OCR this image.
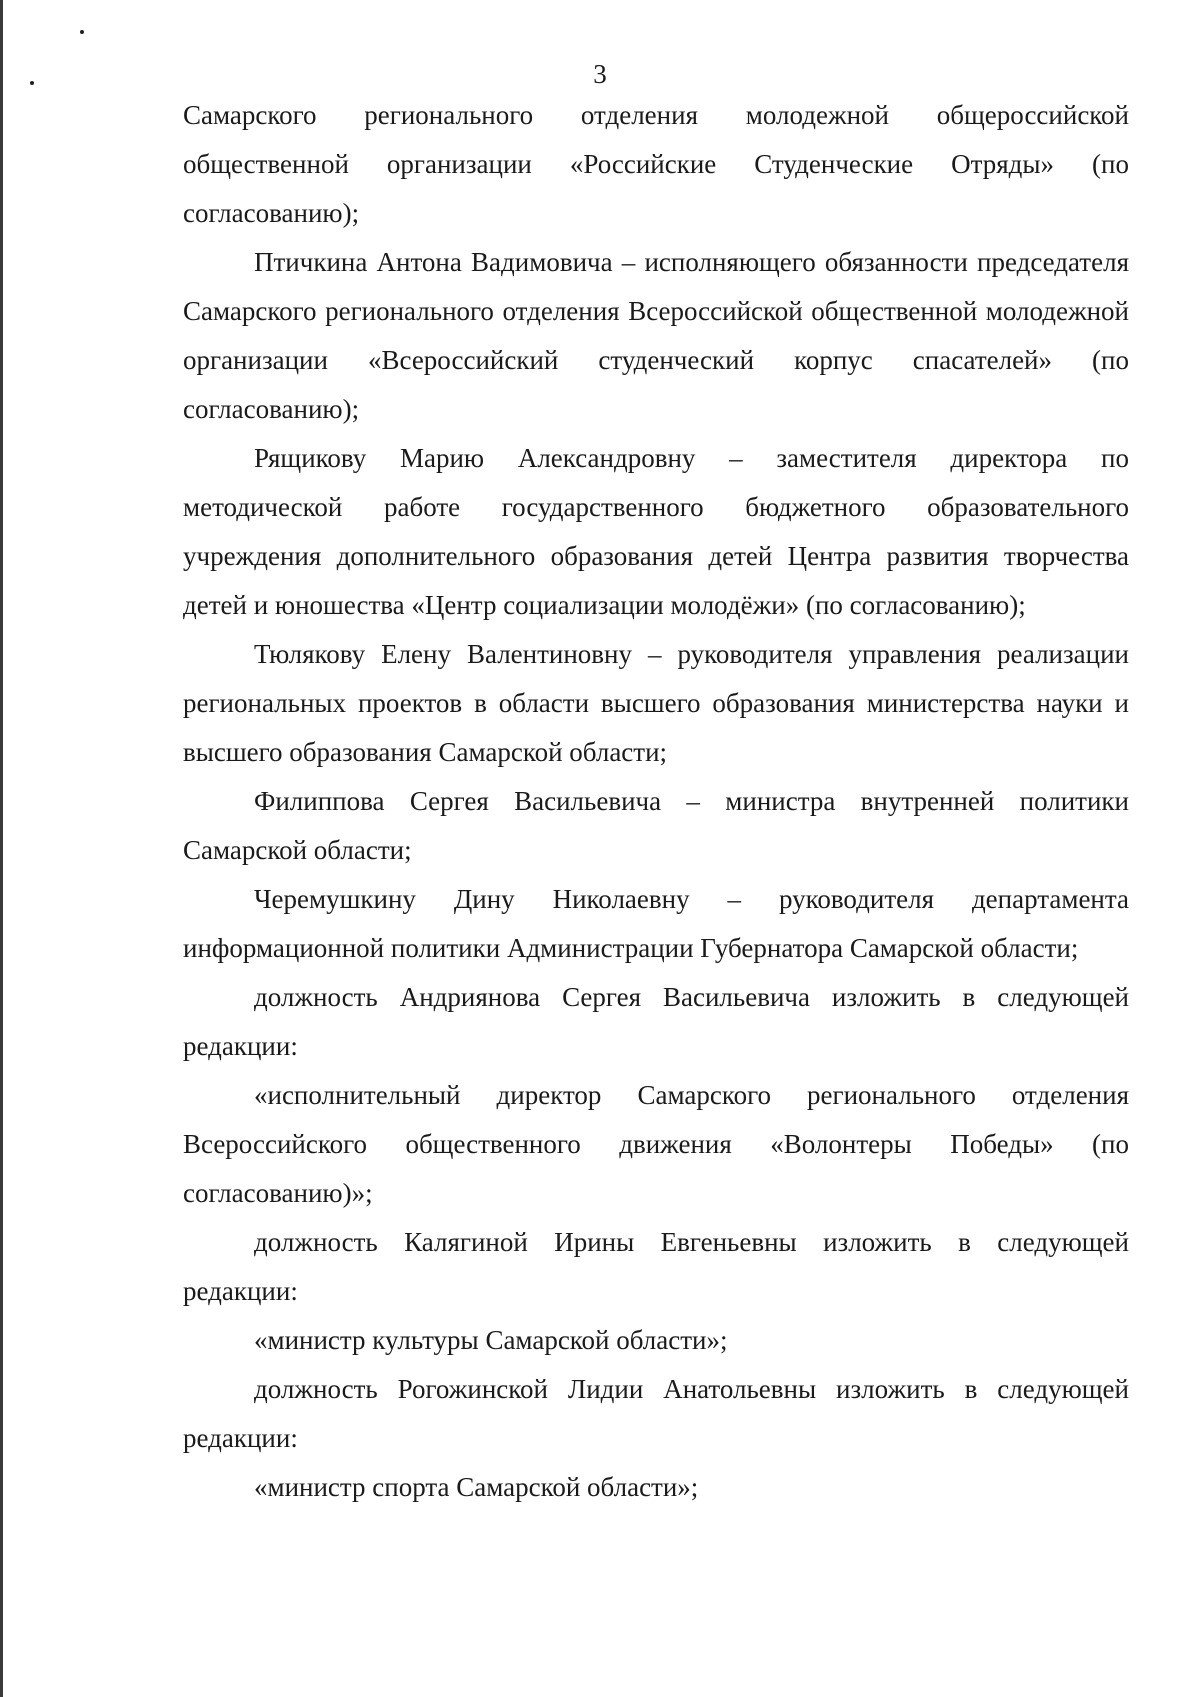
3

Самарского регионального отделения молодежной общероссийской общественной организации «Российские Студенческие Отряды» (по согласованию);

Птичкина Антона Вадимовича – исполняющего обязанности председателя Самарского регионального отделения Всероссийской общественной молодежной организации «Всероссийский студенческий корпус спасателей» (по согласованию);

Рящикову Марию Александровну – заместителя директора по методической работе государственного бюджетного образовательного учреждения дополнительного образования детей Центра развития творчества детей и юношества «Центр социализации молодёжи» (по согласованию);

Тюлякову Елену Валентиновну – руководителя управления реализации региональных проектов в области высшего образования министерства науки и высшего образования Самарской области;

Филиппова Сергея Васильевича – министра внутренней политики Самарской области;

Черемушкину Дину Николаевну – руководителя департамента информационной политики Администрации Губернатора Самарской области;

должность Андриянова Сергея Васильевича изложить в следующей редакции:

«исполнительный директор Самарского регионального отделения Всероссийского общественного движения «Волонтеры Победы» (по согласованию)»;

должность Калягиной Ирины Евгеньевны изложить в следующей редакции:

«министр культуры Самарской области»;

должность Рогожинской Лидии Анатольевны изложить в следующей редакции:

«министр спорта Самарской области»;
